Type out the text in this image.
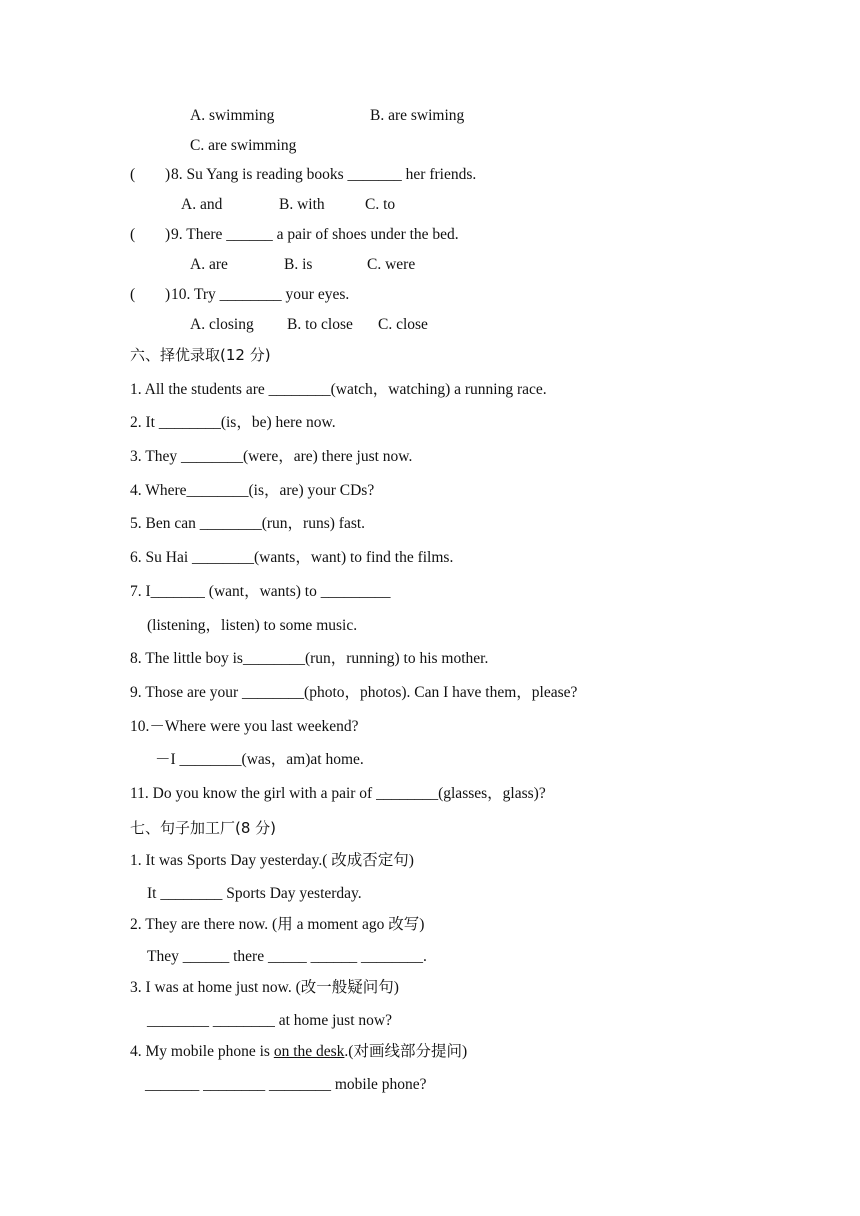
A. swimming	B. are swiming
C. are swimming
( ) 8. Su Yang is reading books _______ her friends.
A. and	B. with	C. to
( ) 9. There ______ a pair of shoes under the bed.
A. are	B. is	C. were
( ) 10. Try ________ your eyes.
A. closing B. to close C. close
六、择优录取(12 分)
1. All the students are ________(watch，watching) a running race.
2. It ________(is，be) here now.
3. They ________(were，are) there just now.
4. Where________(is，are) your CDs?
5. Ben can ________(run，runs) fast.
6. Su Hai ________(wants，want) to find the films.
7. I_______ (want，wants) to _________
(listening，listen) to some music.
8. The little boy is________(run，running) to his mother.
9. Those are your ________(photo，photos). Can I have them，please?
10.－Where were you last weekend?
－I ________(was，am)at home.
11. Do you know the girl with a pair of ________(glasses，glass)?
七、句子加工厂(8 分)
1. It was Sports Day yesterday.( 改成否定句)
It ________ Sports Day yesterday.
2. They are there now. (用 a moment ago 改写)
They ______ there _____ ______ ________.
3. I was at home just now. (改一般疑问句)
________ ________ at home just now?
4. My mobile phone is on the desk.(对画线部分提问)
_______ ________ ________ mobile phone?
